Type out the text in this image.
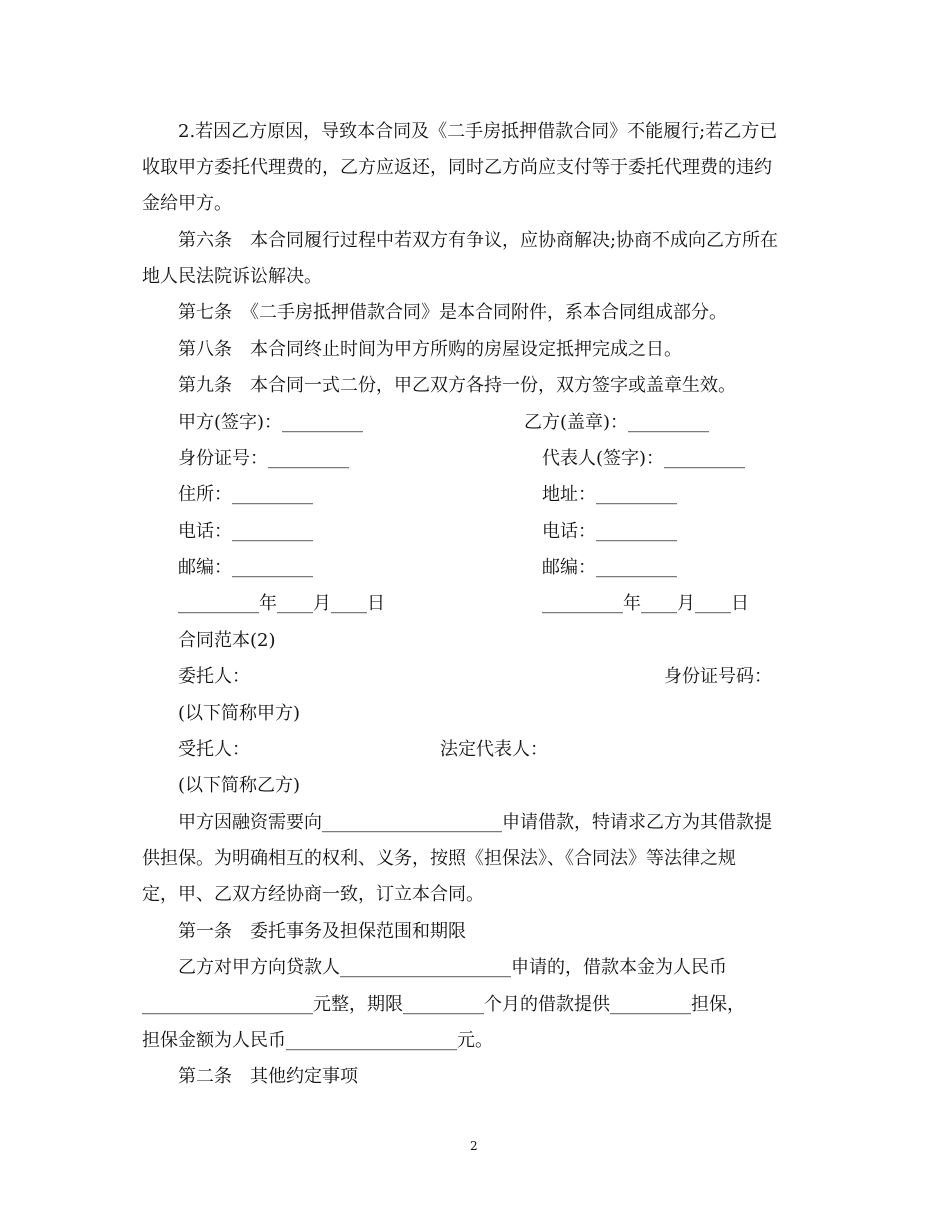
2.若因乙方原因，导致本合同及《二手房抵押借款合同》不能履行;若乙方已
收取甲方委托代理费的，乙方应返还，同时乙方尚应支付等于委托代理费的违约
金给甲方。
第六条　本合同履行过程中若双方有争议，应协商解决;协商不成向乙方所在
地人民法院诉讼解决。
第七条　《二手房抵押借款合同》是本合同附件，系本合同组成部分。
第八条　本合同终止时间为甲方所购的房屋设定抵押完成之日。
第九条　本合同一式二份，甲乙双方各持一份，双方签字或盖章生效。
甲方(签字)：_________
身份证号：_________
住所：_________
电话：_________
邮编：_________
_________年____月____日
乙方(盖章)：_________
代表人(签字)：_________
地址：_________
电话：_________
邮编：_________
_________年____月____日
合同范本(2)
委托人：	身份证号码：
(以下简称甲方)
受托人：	法定代表人：
(以下简称乙方)
甲方因融资需要向____________________申请借款，特请求乙方为其借款提
供担保。为明确相互的权利、义务，按照《担保法》、《合同法》等法律之规
定，甲、乙双方经协商一致，订立本合同。
第一条　委托事务及担保范围和期限
乙方对甲方向贷款人___________________申请的，借款本金为人民币
___________________元整，期限_________个月的借款提供_________担保，
担保金额为人民币___________________元。
第二条　其他约定事项
2
